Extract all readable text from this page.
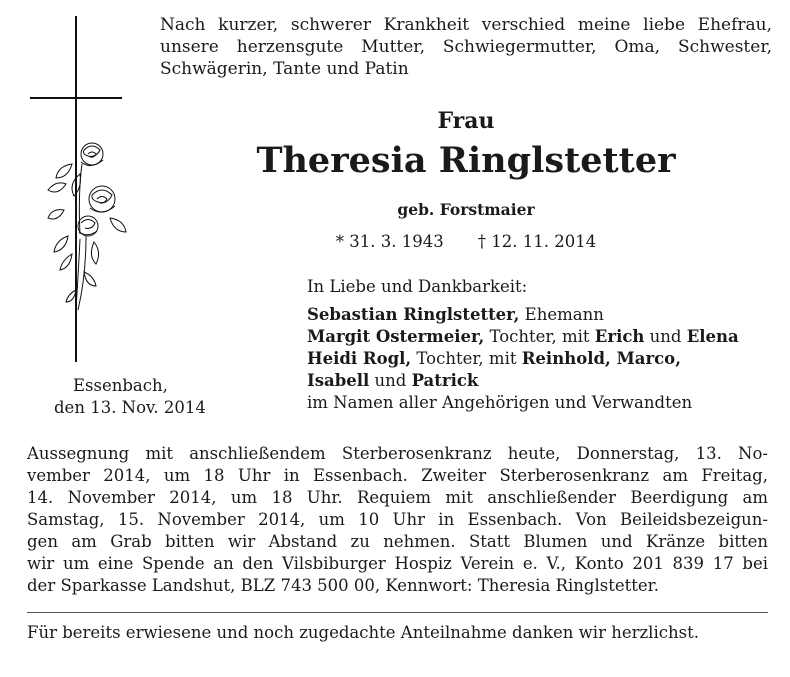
Nach kurzer, schwerer Krankheit verschied meine liebe Ehefrau,
unsere herzensgute Mutter, Schwiegermutter, Oma, Schwester,
Schwägerin, Tante und Patin

Frau

Theresia Ringlstetter

geb. Forstmaier

* 31. 3. 1943 † 12. 11. 2014

In Liebe und Dankbarkeit:
Sebastian Ringlstetter, Ehemann
Margit Ostermeier, Tochter, mit Erich und Elena
Heidi Rogl, Tochter, mit Reinhold, Marco,
Isabell und Patrick
im Namen aller Angehörigen und Verwandten
Essenbach,
den 13. Nov. 2014

Aussegnung mit anschließendem Sterberosenkranz heute, Donnerstag, 13. No-
vember 2014, um 18 Uhr in Essenbach. Zweiter Sterberosenkranz am Freitag,
14. November 2014, um 18 Uhr. Requiem mit anschließender Beerdigung am
Samstag, 15. November 2014, um 10 Uhr in Essenbach. Von Beileidsbezeigun-
gen am Grab bitten wir Abstand zu nehmen. Statt Blumen und Kränze bitten
wir um eine Spende an den Vilsbiburger Hospiz Verein e. V., Konto 201 839 17 bei
der Sparkasse Landshut, BLZ 743 500 00, Kennwort: Theresia Ringlstetter.

Für bereits erwiesene und noch zugedachte Anteilnahme danken wir herzlichst.
